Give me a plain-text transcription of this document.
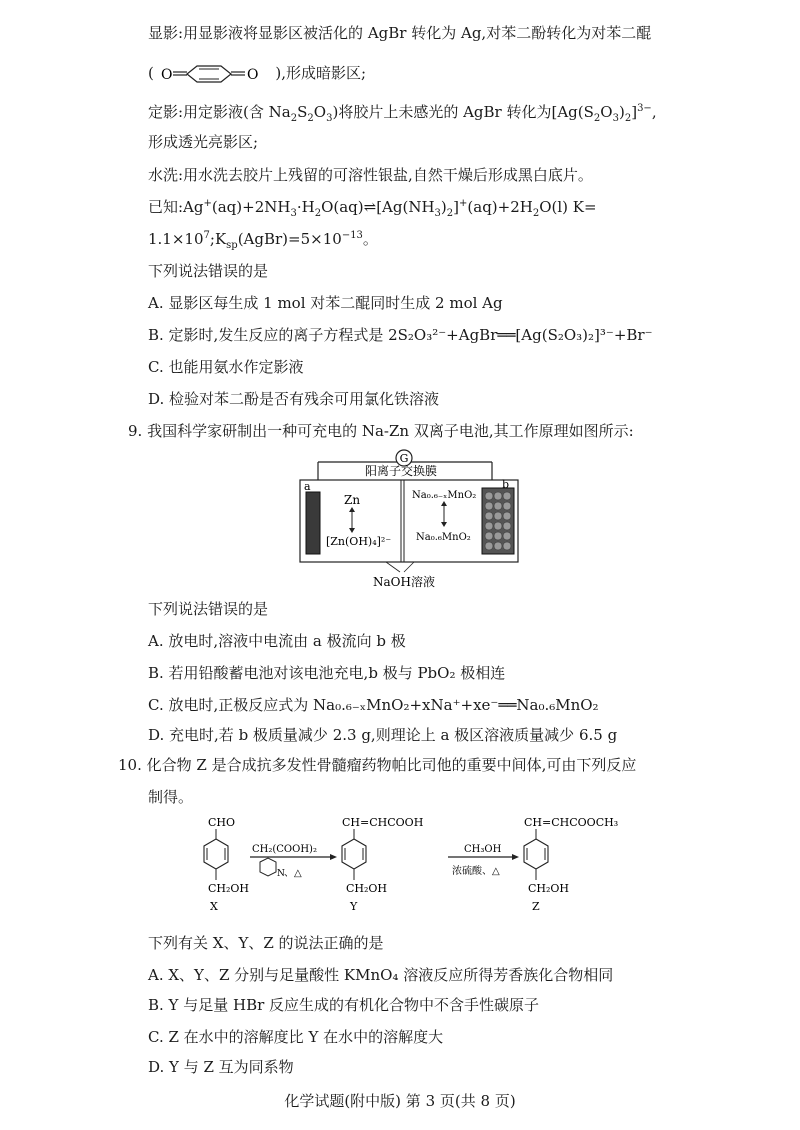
显影:用显影液将显影区被活化的 AgBr 转化为 Ag,对苯二酚转化为对苯二醌
( O	O ),形成暗影区;
定影:用定影液(含 $Na_2S_2O_3$)将胶片上未感光的 AgBr 转化为$[Ag(S_2O_3)_2]^{3-}$,
形成透光亮影区;
水洗:用水洗去胶片上残留的可溶性银盐,自然干燥后形成黑白底片。
已知$:Ag^+(aq)+2NH_3\cdot H_2O(aq)\rightleftharpoons[Ag(NH_3)_2]^+(aq)+2H_2O(l)$ K=
$1.1\times 10^7;K_{sp}(AgBr)=5\times 10^{-13}$。
下列说法错误的是
A. 显影区每生成 1 mol 对苯二醌同时生成 2 mol Ag
B. 定影时,发生反应的离子方程式是 2S₂O₃²⁻+AgBr══[Ag(S₂O₃)₂]³⁻+Br⁻
C. 也能用氨水作定影液
D. 检验对苯二酚是否有残余可用氯化铁溶液
9. 我国科学家研制出一种可充电的 Na-Zn 双离子电池,其工作原理如图所示:
G
阳离子交换膜
a	b
Zn
[Zn(OH)₄]²⁻
Na₀.₆₋ₓMnO₂
Na₀.₆MnO₂
NaOH溶液
下列说法错误的是
A. 放电时,溶液中电流由 a 极流向 b 极
B. 若用铅酸蓄电池对该电池充电,b 极与 PbO₂ 极相连
C. 放电时,正极反应式为 Na₀.₆₋ₓMnO₂+xNa⁺+xe⁻══Na₀.₆MnO₂
D. 充电时,若 b 极质量减少 2.3 g,则理论上 a 极区溶液质量减少 6.5 g
10. 化合物 Z 是合成抗多发性骨髓瘤药物帕比司他的重要中间体,可由下列反应
制得。
CHO
CH₂OH
X
CH₂(COOH)₂
N 、△
CH=CHCOOH
CH₂OH
Y
CH₃OH
浓硫酸、△
CH=CHCOOCH₃
CH₂OH
Z
下列有关 X、Y、Z 的说法正确的是
A. X、Y、Z 分别与足量酸性 KMnO₄ 溶液反应所得芳香族化合物相同
B. Y 与足量 HBr 反应生成的有机化合物中不含手性碳原子
C. Z 在水中的溶解度比 Y 在水中的溶解度大
D. Y 与 Z 互为同系物
化学试题(附中版) 第 3 页(共 8 页)
